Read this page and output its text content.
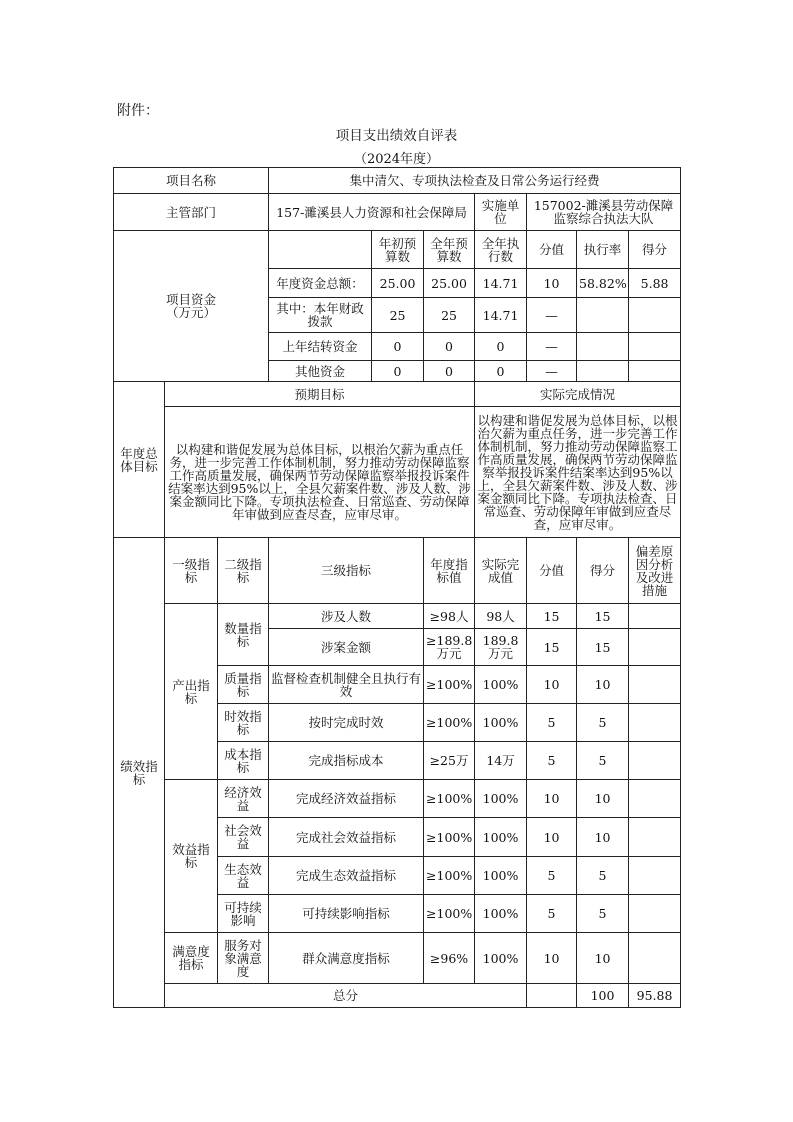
附件：
项目支出绩效自评表
（2024年度）
项目名称			集中清欠、专项执法检查及日常公务运行经费							
主管部门			157-濉溪县人力资源和社会保障局			实施单位	157002-濉溪县劳动保障监察综合执法大队			
项目资金
（万元）				年初预算数	全年预算数	全年执行数	分值	执行率	得分	
			年度资金总额：	25.00	25.00	14.71	10	58.82%	5.88	
			其中：本年财政拨款	25	25	14.71	—			
			上年结转资金	0	0	0	—			
			其他资金	0	0	0	—			
年度总体目标	预期目标					实际完成情况				
	以构建和谐促发展为总体目标，以根治欠薪为重点任务，进一步完善工作体制机制，努力推动劳动保障监察工作高质量发展，确保两节劳动保障监察举报投诉案件结案率达到95%以上，全县欠薪案件数、涉及人数、涉案金额同比下降。专项执法检查、日常巡查、劳动保障年审做到应查尽查，应审尽审。					以构建和谐促发展为总体目标，以根治欠薪为重点任务，进一步完善工作体制机制，努力推动劳动保障监察工作高质量发展，确保两节劳动保障监察举报投诉案件结案率达到95%以上，全县欠薪案件数、涉及人数、涉案金额同比下降。专项执法检查、日常巡查、劳动保障年审做到应查尽查，应审尽审。				
绩效指标	一级指标	二级指标	三级指标		年度指标值	实际完成值	分值	得分	偏差原因分析及改进措施	
	产出指标	数量指标	涉及人数		≥98人	98人	15	15		
			涉案金额		≥189.8万元	189.8万元	15	15		
		质量指标	监督检查机制健全且执行有效		≥100%	100%	10	10		
		时效指标	按时完成时效		≥100%	100%	5	5		
		成本指标	完成指标成本		≥25万	14万	5	5		
	效益指标	经济效益	完成经济效益指标		≥100%	100%	10	10		
		社会效益	完成社会效益指标		≥100%	100%	10	10		
		生态效益	完成生态效益指标		≥100%	100%	5	5		
		可持续影响	可持续影响指标		≥100%	100%	5	5		
	满意度指标	服务对象满意度	群众满意度指标		≥96%	100%	10	10		
	总分							100	95.88	
